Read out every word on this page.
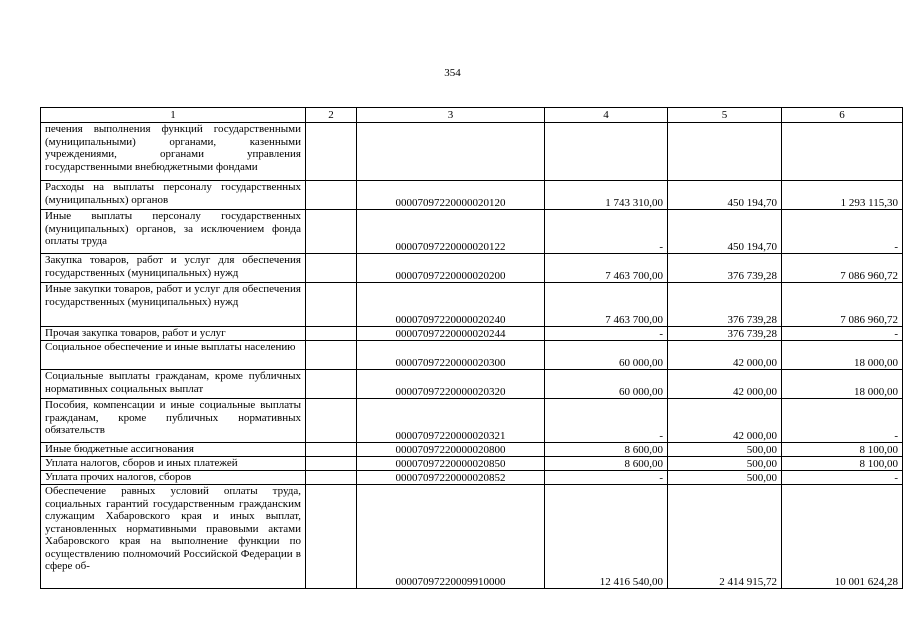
354
1	2	3	4	5	6
печения выполнения функций государственными (муниципальными) органами, казенными учреждениями, органами управления государственными внебюджетными фондами					
Расходы на выплаты персоналу государственных (муниципальных) органов		00007097220000020120	1 743 310,00	450 194,70	1 293 115,30
Иные выплаты персоналу государственных (муниципальных) органов, за исключением фонда оплаты труда		00007097220000020122	-	450 194,70	-
Закупка товаров, работ и услуг для обеспечения государственных (муниципальных) нужд		00007097220000020200	7 463 700,00	376 739,28	7 086 960,72
Иные закупки товаров, работ и услуг для обеспечения государственных (муниципальных) нужд		00007097220000020240	7 463 700,00	376 739,28	7 086 960,72
Прочая закупка товаров, работ и услуг		00007097220000020244	-	376 739,28	-
Социальное обеспечение и иные выплаты населению		00007097220000020300	60 000,00	42 000,00	18 000,00
Социальные выплаты гражданам, кроме публичных нормативных социальных выплат		00007097220000020320	60 000,00	42 000,00	18 000,00
Пособия, компенсации и иные социальные выплаты гражданам, кроме публичных нормативных обязательств		00007097220000020321	-	42 000,00	-
Иные бюджетные ассигнования		00007097220000020800	8 600,00	500,00	8 100,00
Уплата налогов, сборов и иных платежей		00007097220000020850	8 600,00	500,00	8 100,00
Уплата прочих налогов, сборов		00007097220000020852	-	500,00	-
Обеспечение равных условий оплаты труда, социальных гарантий государственным гражданским служащим Хабаровского края и иных выплат, установленных нормативными правовыми актами Хабаровского края на выполнение функции по осуществлению полномочий Российской Федерации в сфере об-		00007097220009910000	12 416 540,00	2 414 915,72	10 001 624,28
